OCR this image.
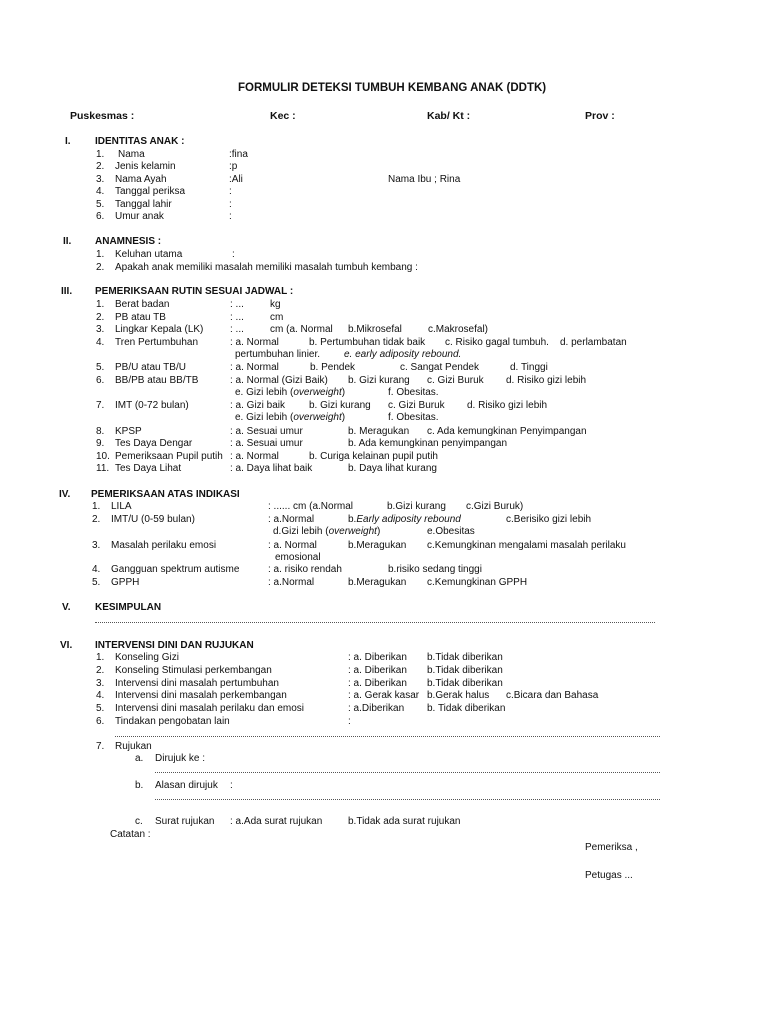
FORMULIR DETEKSI TUMBUH KEMBANG ANAK (DDTK)
Puskesmas :	Kec :	Kab/ Kt :	Prov :
I. IDENTITAS ANAK :
1. Nama	:fina
2. Jenis kelamin	:p
3. Nama Ayah	:Ali	Nama Ibu ; Rina
4. Tanggal periksa	:
5. Tanggal lahir	:
6. Umur anak	:
II. ANAMNESIS :
1. Keluhan utama	:
2. Apakah anak memiliki masalah memiliki masalah tumbuh kembang :
III. PEMERIKSAAN RUTIN SESUAI JADWAL :
1. Berat badan	: ...	kg
2. PB atau TB	: ...	cm
3. Lingkar Kepala (LK)	: ...	cm (a. Normal b.Mikrosefal	c.Makrosefal)
4. Tren Pertumbuhan	: a. Normal	b. Pertumbuhan tidak baik c. Risiko gagal tumbuh. d. perlambatan
pertumbuhan linier. e. early adiposity rebound.
5. PB/U atau TB/U	: a. Normal	b. Pendek	c. Sangat Pendek	d. Tinggi
6. BB/PB atau BB/TB	: a. Normal (Gizi Baik) b. Gizi kurang c. Gizi Buruk d. Risiko gizi lebih
e. Gizi lebih (overweight)	f. Obesitas.
7. IMT (0-72 bulan)	: a. Gizi baik b. Gizi kurang c. Gizi Buruk d. Risiko gizi lebih
e. Gizi lebih (overweight)	f. Obesitas.
8. KPSP	: a. Sesuai umur	b. Meragukan c. Ada kemungkinan Penyimpangan
9. Tes Daya Dengar	: a. Sesuai umur	b. Ada kemungkinan penyimpangan
10. Pemeriksaan Pupil putih : a. Normal	b. Curiga kelainan pupil putih
11. Tes Daya Lihat	: a. Daya lihat baik	b. Daya lihat kurang
IV. PEMERIKSAAN ATAS INDIKASI
1. LILA	: ...... cm (a.Normal	b.Gizi kurang c.Gizi Buruk)
2. IMT/U (0-59 bulan)	: a.Normal	b.Early adiposity rebound	c.Berisiko gizi lebih
d.Gizi lebih (overweight)	e.Obesitas
3. Masalah perilaku emosi	: a. Normal	b.Meragukan c.Kemungkinan mengalami masalah perilaku
emosional
4. Gangguan spektrum autisme	: a. risiko rendah	b.risiko sedang tinggi
5. GPPH	: a.Normal	b.Meragukan c.Kemungkinan GPPH
V. KESIMPULAN
VI. INTERVENSI DINI DAN RUJUKAN
1. Konseling Gizi	: a. Diberikan b.Tidak diberikan
2. Konseling Stimulasi perkembangan	: a. Diberikan b.Tidak diberikan
3. Intervensi dini masalah pertumbuhan	: a. Diberikan b.Tidak diberikan
4. Intervensi dini masalah perkembangan	: a. Gerak kasar b.Gerak halus c.Bicara dan Bahasa
5. Intervensi dini masalah perilaku dan emosi	: a.Diberikan b. Tidak diberikan
6. Tindakan pengobatan lain	:
7. Rujukan
a. Dirujuk ke :
b. Alasan dirujuk :
c. Surat rujukan : a.Ada surat rujukan	b.Tidak ada surat rujukan
Catatan :
Pemeriksa ,
Petugas ...
